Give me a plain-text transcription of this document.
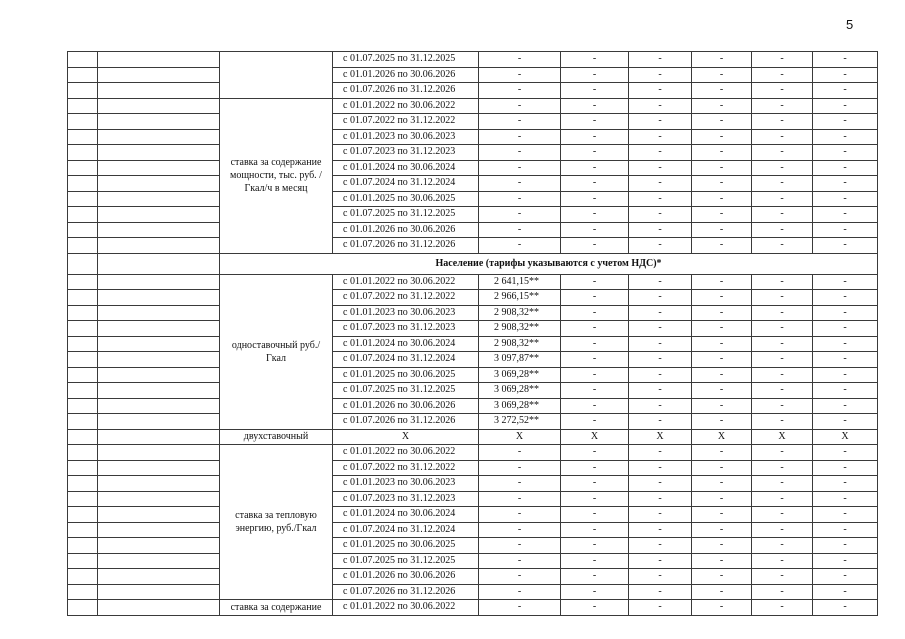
5
			с 01.07.2025 по 31.12.2025	-	-	-	-	-	-
			с 01.01.2026 по 30.06.2026	-	-	-	-	-	-
			с 01.07.2026 по 31.12.2026	-	-	-	-	-	-
		ставка за содержание мощности, тыс. руб. /Гкал/ч в месяц	с 01.01.2022 по 30.06.2022	-	-	-	-	-	-
			с 01.07.2022 по 31.12.2022	-	-	-	-	-	-
			с 01.01.2023 по 30.06.2023	-	-	-	-	-	-
			с 01.07.2023 по 31.12.2023	-	-	-	-	-	-
			с 01.01.2024 по 30.06.2024	-	-	-	-	-	-
			с 01.07.2024 по 31.12.2024	-	-	-	-	-	-
			с 01.01.2025 по 30.06.2025	-	-	-	-	-	-
			с 01.07.2025 по 31.12.2025	-	-	-	-	-	-
			с 01.01.2026 по 30.06.2026	-	-	-	-	-	-
			с 01.07.2026 по 31.12.2026	-	-	-	-	-	-
		Население (тарифы указываются с учетом НДС)*							
		одноставочный руб./Гкал	с 01.01.2022 по 30.06.2022	2 641,15**	-	-	-	-	-
			с 01.07.2022 по 31.12.2022	2 966,15**	-	-	-	-	-
			с 01.01.2023 по 30.06.2023	2 908,32**	-	-	-	-	-
			с 01.07.2023 по 31.12.2023	2 908,32**	-	-	-	-	-
			с 01.01.2024 по 30.06.2024	2 908,32**	-	-	-	-	-
			с 01.07.2024 по 31.12.2024	3 097,87**	-	-	-	-	-
			с 01.01.2025 по 30.06.2025	3 069,28**	-	-	-	-	-
			с 01.07.2025 по 31.12.2025	3 069,28**	-	-	-	-	-
			с 01.01.2026 по 30.06.2026	3 069,28**	-	-	-	-	-
			с 01.07.2026 по 31.12.2026	3 272,52**	-	-	-	-	-
		двухставочный	X	X	X	X	X	X	X
		ставка за тепловую энергию, руб./Гкал	с 01.01.2022 по 30.06.2022	-	-	-	-	-	-
			с 01.07.2022 по 31.12.2022	-	-	-	-	-	-
			с 01.01.2023 по 30.06.2023	-	-	-	-	-	-
			с 01.07.2023 по 31.12.2023	-	-	-	-	-	-
			с 01.01.2024 по 30.06.2024	-	-	-	-	-	-
			с 01.07.2024 по 31.12.2024	-	-	-	-	-	-
			с 01.01.2025 по 30.06.2025	-	-	-	-	-	-
			с 01.07.2025 по 31.12.2025	-	-	-	-	-	-
			с 01.01.2026 по 30.06.2026	-	-	-	-	-	-
			с 01.07.2026 по 31.12.2026	-	-	-	-	-	-
		ставка за содержание	с 01.01.2022 по 30.06.2022	-	-	-	-	-	-
